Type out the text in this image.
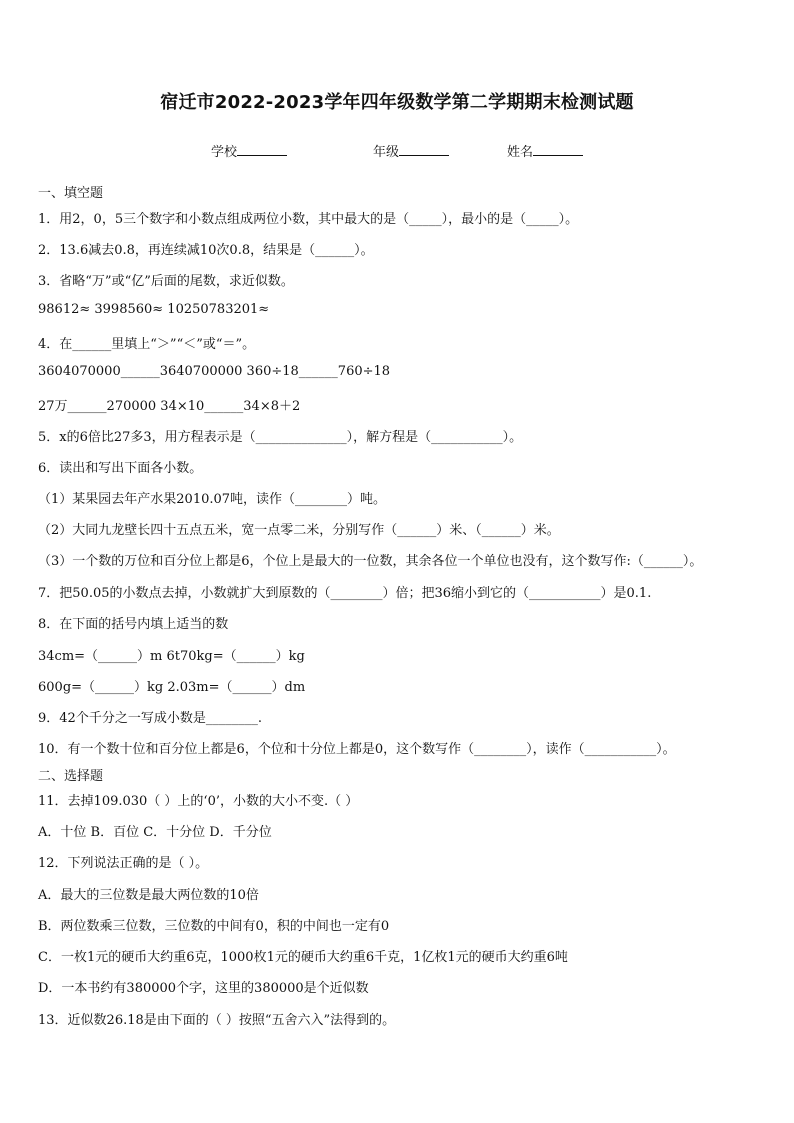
宿迁市2022-2023学年四年级数学第二学期期末检测试题
学校	年级	姓名
一、填空题
1．用2，0，5三个数字和小数点组成两位小数，其中最大的是（_____），最小的是（_____）。
2．13.6减去0.8，再连续减10次0.8，结果是（______）。
3．省略“万”或“亿”后面的尾数，求近似数。
98612≈ 3998560≈ 10250783201≈
4．在______里填上“＞”“＜”或“＝”。
3604070000______3640700000 360÷18______760÷18
27万______270000 34×10______34×8＋2
5．x的6倍比27多3，用方程表示是（______________），解方程是（___________）。
6．读出和写出下面各小数。
（1）某果园去年产水果2010.07吨，读作（________）吨。
（2）大同九龙壁长四十五点五米，宽一点零二米，分别写作（______）米、（______）米。
（3）一个数的万位和百分位上都是6，个位上是最大的一位数，其余各位一个单位也没有，这个数写作:（______）。
7．把50.05的小数点去掉，小数就扩大到原数的（________）倍；把36缩小到它的（___________）是0.1.
8．在下面的括号内填上适当的数
34cm=（______）m 6t70kg=（______）kg
600g=（______）kg 2.03m=（______）dm
9．42个千分之一写成小数是________.
10．有一个数十位和百分位上都是6，个位和十分位上都是0，这个数写作（________），读作（___________）。
二、选择题
11．去掉109.030（ ）上的‘0’，小数的大小不变.（ ）
A．十位 B．百位 C．十分位 D．千分位
12．下列说法正确的是（ ）。
A．最大的三位数是最大两位数的10倍
B．两位数乘三位数，三位数的中间有0，积的中间也一定有0
C．一枚1元的硬币大约重6克，1000枚1元的硬币大约重6千克，1亿枚1元的硬币大约重6吨
D．一本书约有380000个字，这里的380000是个近似数
13．近似数26.18是由下面的（ ）按照“五舍六入”法得到的。
